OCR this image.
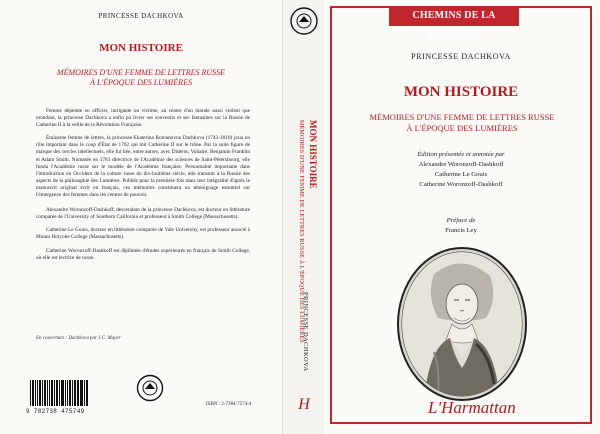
PRINCESSE DACHKOVA
MON HISTOIRE
MÉMOIRES D'UNE FEMME DE LETTRES RUSSE
À L'ÉPOQUE DES LUMIÈRES

Femme dépeinte en officier, intrigante ou victime, au centre d'un monde aussi violent que mondain, la princesse Dachkova a enfin pu livrer ses souvenirs et ses fantasmes sur la Russie de Catherine II à la veille de la Révolution Française.

Éminente femme de lettres, la princesse Ekaterina Romanovna Dachkova (1743-1810) joua un rôle important dans le coup d'État de 1762 qui mit Catherine II sur le trône. Par la suite figure de marque des cercles intellectuels, elle fut liée, entre autres, avec Diderot, Voltaire, Benjamin Franklin et Adam Smith. Nommée en 1783 directrice de l'Académie des sciences de Saint-Pétersbourg, elle fonda l'Académie russe sur le modèle de l'Académie française. Personnalité importante dans l'introduction en Occident de la culture russe du dix-huitième siècle, elle transmit à la Russie des aspects de la philosophie des Lumières. Publiés pour la première fois dans leur intégralité d'après le manuscrit original écrit en français, ces mémoires constituent un témoignage essentiel sur l'émergence des femmes dans les centres de pouvoir.

Alexandre Woronzoff-Dashkoff, descendant de la princesse Dachkova, est docteur en littérature comparée de l'University of Southern California et professeur à Smith College (Massachusetts).

Catherine Le Gouis, docteur en littérature comparée de Yale University, est professeur associé à Mount Holyoke College (Massachusetts).

Catherine Woronzoff-Dashkoff est diplômée d'études supérieures en français de Smith College, où elle est lectrice de russe.

En couverture : Dachkova par J.C. Mayer
9 782738 475749
ISBN : 2-7384-7574-4
MON HISTOIRE
MÉMOIRES D'UNE FEMME DE LETTRES RUSSE À L'ÉPOQUE DES LUMIÈRES
PRINCESSE DACHKOVA
H
CHEMINS DE LA MÉMOIRE
PRINCESSE DACHKOVA
MON HISTOIRE
MÉMOIRES D'UNE FEMME DE LETTRES RUSSE
À L'ÉPOQUE DES LUMIÈRES
Édition présentée et annotée par
Alexandre Woronzoff-Dashkoff
Catherine Le Gouis
Catherine Woronzoff-Dashkoff
Préface de
Francis Ley
L'Harmattan
